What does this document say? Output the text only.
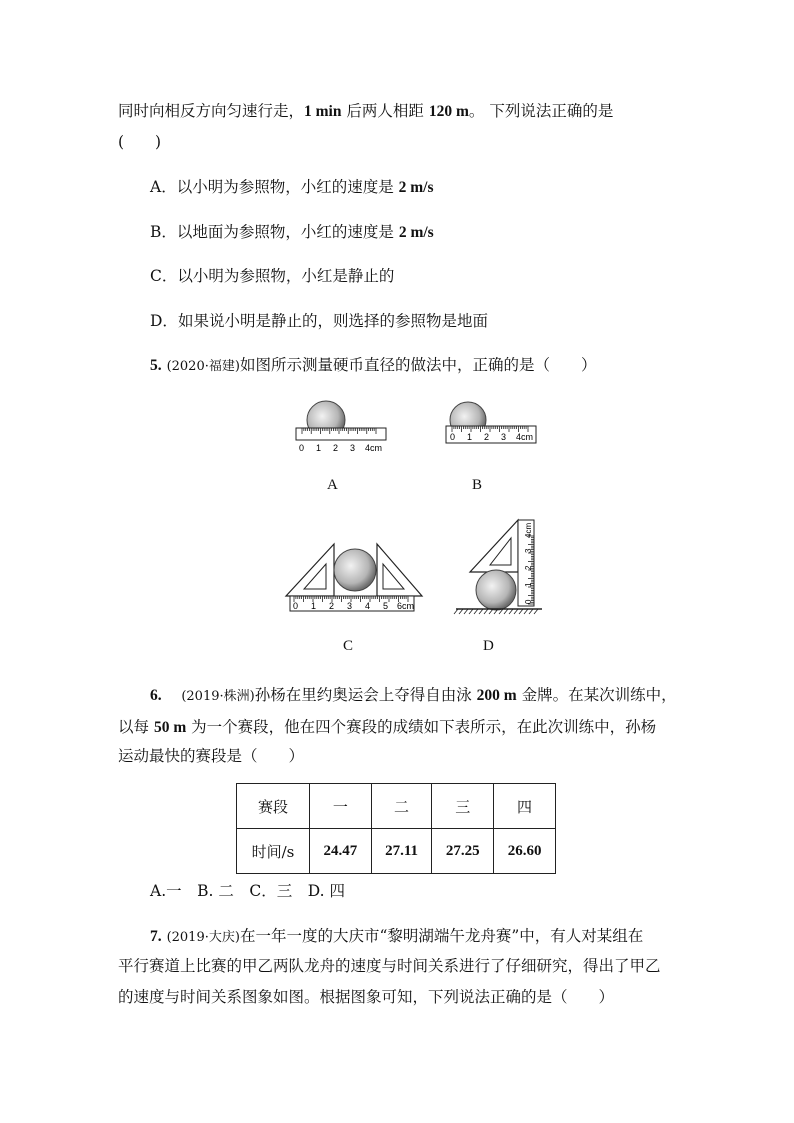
同时向相反方向匀速行走，1 min 后两人相距 120 m。 下列说法正确的是
(　　)
A．以小明为参照物，小红的速度是 2 m/s
B．以地面为参照物，小红的速度是 2 m/s
C．以小明为参照物，小红是静止的
D．如果说小明是静止的，则选择的参照物是地面
5. (2020·福建)如图所示测量硬币直径的做法中，正确的是（　　）
0 1 2 3 4cm
A
0 1 2 3 4cm
B
0 1 2 3 4 5 6cm
C
0
1
2
3
4cm
D
6. (2019·株洲)孙杨在里约奥运会上夺得自由泳 200 m 金牌。在某次训练中，
以每 50 m 为一个赛段，他在四个赛段的成绩如下表所示，在此次训练中，孙杨
运动最快的赛段是（　　）
赛段	一	二	三	四
时间/s	24.47	27.11	27.25	26.60
A.一　B. 二　C．三　D. 四
7. (2019·大庆)在一年一度的大庆市“黎明湖端午龙舟赛”中，有人对某组在
平行赛道上比赛的甲乙两队龙舟的速度与时间关系进行了仔细研究，得出了甲乙
的速度与时间关系图象如图。根据图象可知，下列说法正确的是（　　）
